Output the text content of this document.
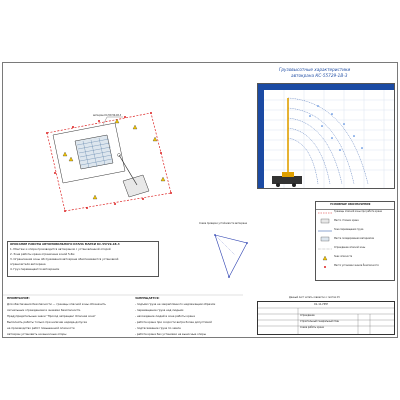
автокран КС-55729-1В-3
Грузовысотные характеристики
автокрана КС-55729-1В-3
Схема проверки устойчивости автокрана
УСЛОВНЫЕ ОБОЗНАЧЕНИЯ
Границы опасной зоны при работе крана
Место стоянки крана
Зона перемещения груза
Места складирования материалов
Ограждение опасной зоны
Знак опасности
Место установки знаков безопасности
Данный лист читать совместно с листом 15
ОПИСАНИЕ РАБОТЫ АВТОМОБИЛЬНОГО КРАНА МАРКИ КС-55729-1В-3
1. Монтаж и опора производится автокраном с установленной опорой
2. Зона работы крана ограничена зоной 5-6м
3. Ограничения зоны обслуживания автокрана обеспечиваются установкой
ограничителя автокрана
4. Груз перемещается автокраном
ПРИМЕЧАНИЕ:
Для обеспечения безопасности — границы опасной зоны обозначить
сигнальным ограждением и знаками безопасности.
Предупредительные знаки "Проход запрещен! Опасная зона"
Выполнять работы только при наличии наряда-допуска
на производство работ повышенной опасности
Автокран установить на выносные опоры
ЗАПРЕЩАЕТСЯ:
- подъём груза не закреплённого надлежащим образом
- перемещение груза над людьми
- нахождение людей в зоне работы крана
- работа крана при скорости ветра более допустимой
- подтаскивание груза по земле
- работа крана без установки на выносные опоры
01-11-ППР
Ограждение
Строительный генеральный план
Схема работы крана
